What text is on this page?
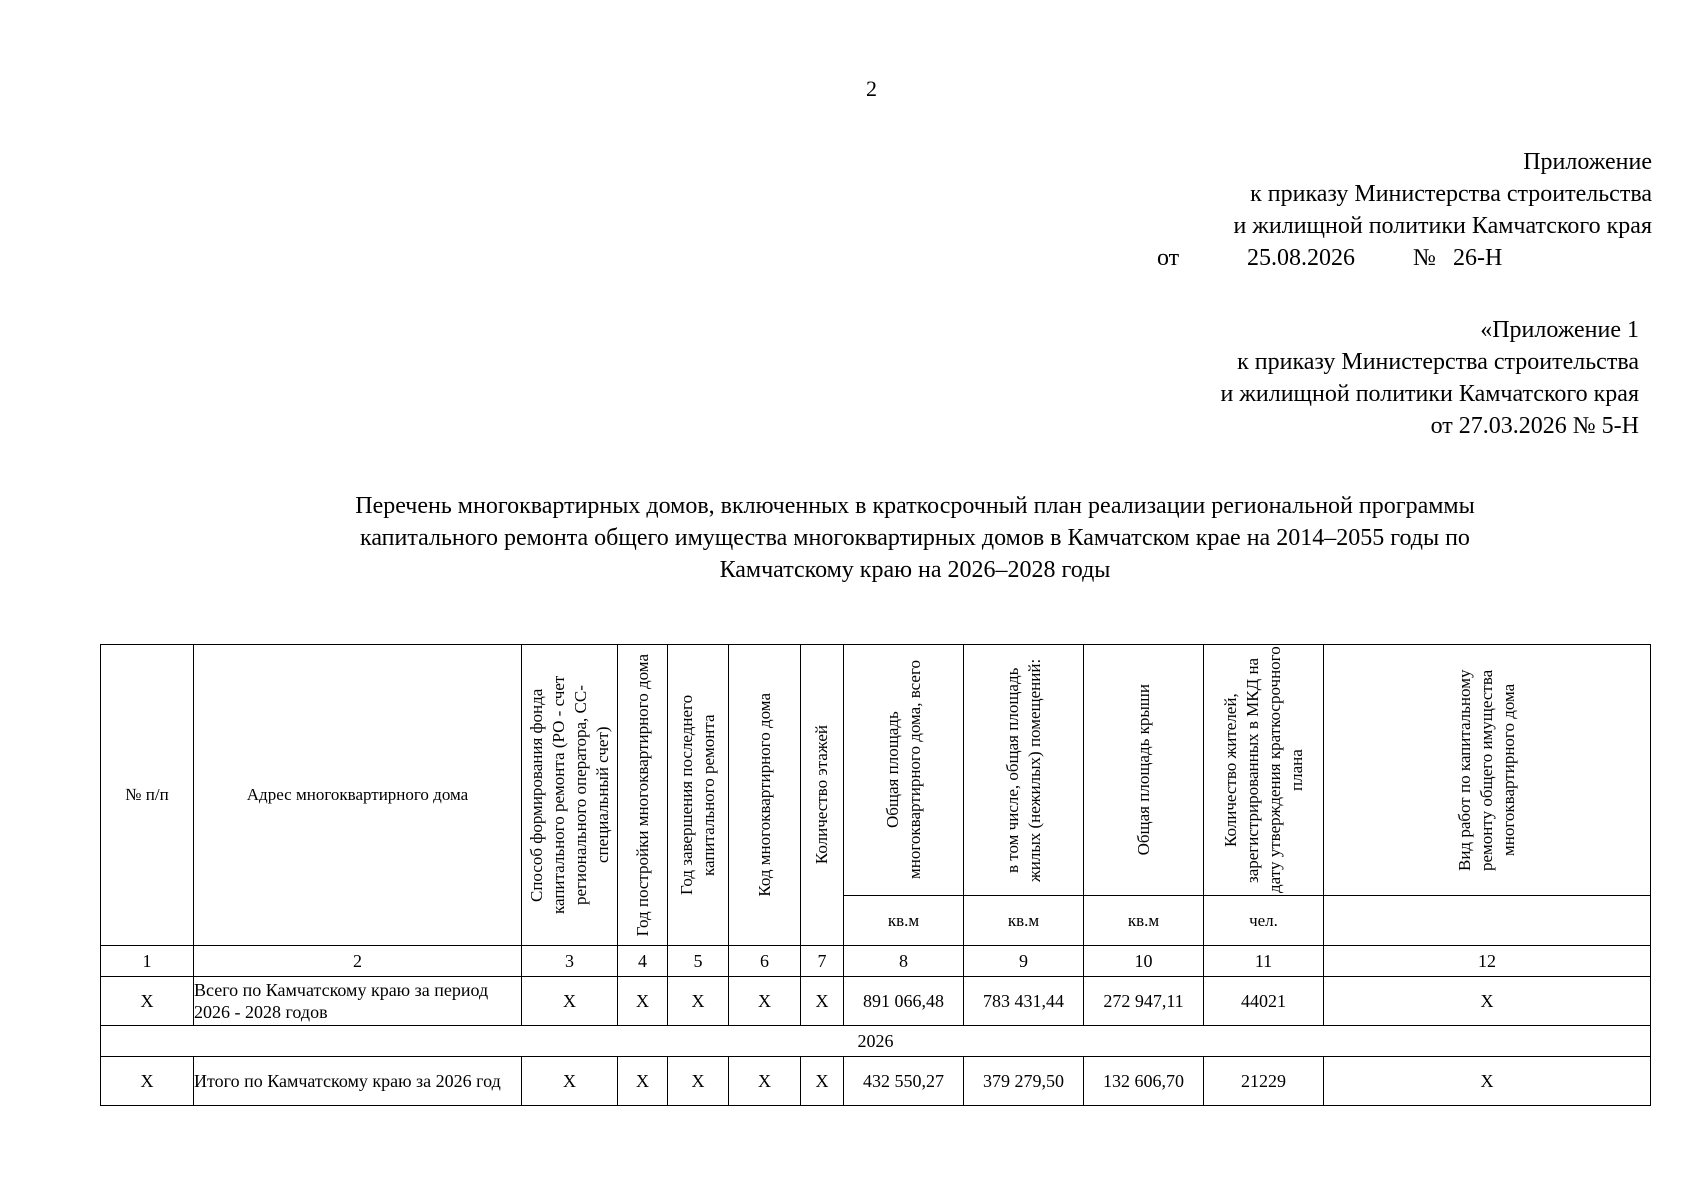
2
Приложение
к приказу Министерства строительства
и жилищной политики Камчатского края
от	25.08.2026 № 26-Н
«Приложение 1
к приказу Министерства строительства
и жилищной политики Камчатского края
от 27.03.2026 № 5-Н
Перечень многоквартирных домов, включенных в краткосрочный план реализации региональной программы
капитального ремонта общего имущества многоквартирных домов в Камчатском крае на 2014–2055 годы по
Камчатскому краю на 2026–2028 годы
№ п/п	Адрес многоквартирного дома	Способ формирования фонда капитального ремонта (РО - счет регионального оператора, СС- специальный счет)	Год постройки многоквартирного дома	Год завершения последнего капитального ремонта	Код многоквартирного дома	Количество этажей	Общая площадь многоквартирного дома, всего	в том числе, общая площадь жилых (нежилых) помещений:	Общая площадь крыши	Количество жителей, зарегистрированных в МКД на дату утверждения краткосрочного плана	Вид работ по капитальному ремонту общего имущества многоквартирного дома

							кв.м	кв.м	кв.м	чел.	
1	2	3	4	5	6	7	8	9	10	11	12
Х	Всего по Камчатскому краю за период 2026 - 2028 годов	Х	Х	Х	Х	Х	891 066,48	783 431,44	272 947,11	44021	Х
2026											
Х	Итого по Камчатскому краю за 2026 год	Х	Х	Х	Х	Х	432 550,27	379 279,50	132 606,70	21229	Х
